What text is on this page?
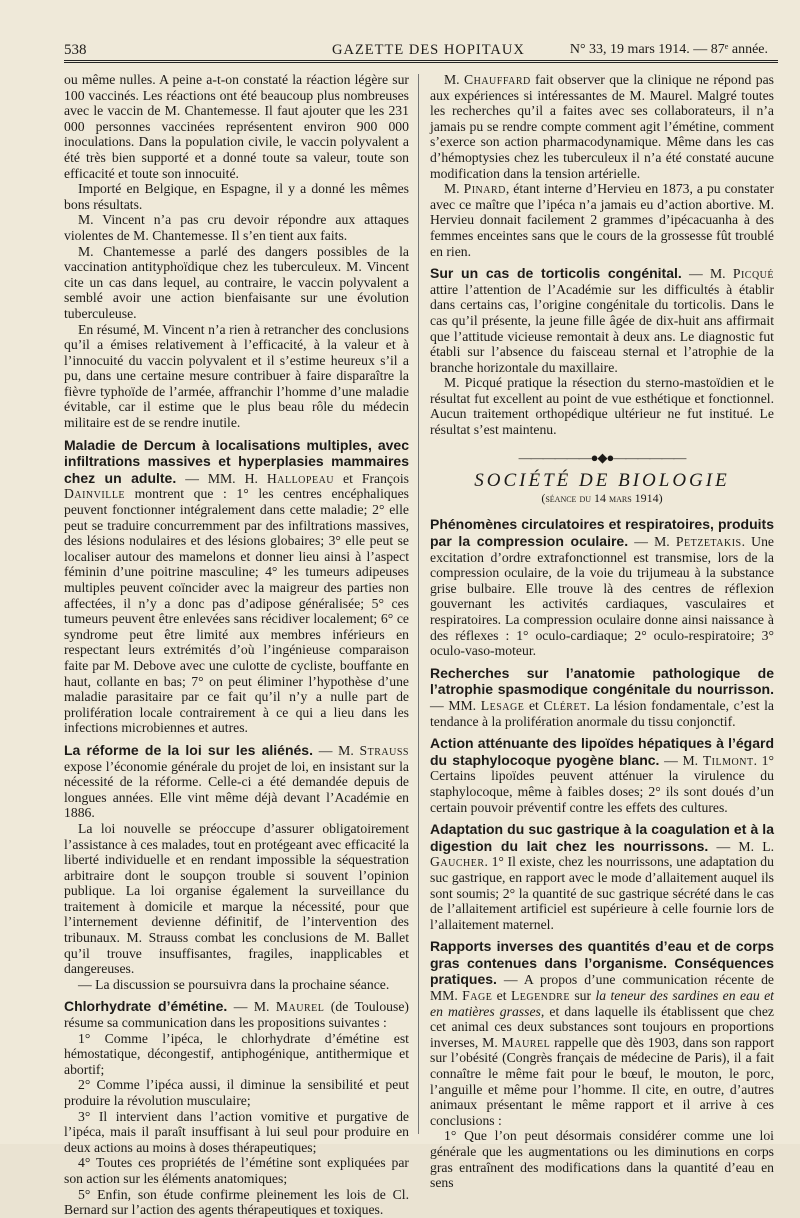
538	GAZETTE DES HOPITAUX	N° 33, 19 mars 1914. — 87ᵉ année.

ou même nulles. A peine a-t-on constaté la réaction légère sur 100 vaccinés. Les réactions ont été beaucoup plus nombreuses avec le vaccin de M. Chantemesse. Il faut ajouter que les 231 000 personnes vaccinées représentent environ 900 000 inoculations. Dans la population civile, le vaccin polyvalent a été très bien supporté et a donné toute sa valeur, toute son efficacité et toute son innocuité.

Importé en Belgique, en Espagne, il y a donné les mêmes bons résultats.

M. Vincent n’a pas cru devoir répondre aux attaques violentes de M. Chantemesse. Il s’en tient aux faits.

M. Chantemesse a parlé des dangers possibles de la vaccination antityphoïdique chez les tuberculeux. M. Vincent cite un cas dans lequel, au contraire, le vaccin polyvalent a semblé avoir une action bienfaisante sur une évolution tuberculeuse.

En résumé, M. Vincent n’a rien à retrancher des conclusions qu’il a émises relativement à l’efficacité, à la valeur et à l’innocuité du vaccin polyvalent et il s’estime heureux s’il a pu, dans une certaine mesure contribuer à faire disparaître la fièvre typhoïde de l’armée, affranchir l’homme d’une maladie évitable, car il estime que le plus beau rôle du médecin militaire est de se rendre inutile.

Maladie de Dercum à localisations multiples, avec infiltrations massives et hyperplasies mammaires chez un adulte. — MM. H. Hallopeau et François Dainville montrent que : 1° les centres encéphaliques peuvent fonctionner intégralement dans cette maladie; 2° elle peut se traduire concurremment par des infiltrations massives, des lésions nodulaires et des lésions globaires; 3° elle peut se localiser autour des mamelons et donner lieu ainsi à l’aspect féminin d’une poitrine masculine; 4° les tumeurs adipeuses multiples peuvent coïncider avec la maigreur des parties non affectées, il n’y a donc pas d’adipose généralisée; 5° ces tumeurs peuvent être enlevées sans récidiver localement; 6° ce syndrome peut être limité aux membres inférieurs en respectant leurs extrémités d’où l’ingénieuse comparaison faite par M. Debove avec une culotte de cycliste, bouffante en haut, collante en bas; 7° on peut éliminer l’hypothèse d’une maladie parasitaire par ce fait qu’il n’y a nulle part de prolifération locale contrairement à ce qui a lieu dans les infections microbiennes et autres.
La réforme de la loi sur les aliénés. — M. Strauss expose l’économie générale du projet de loi, en insistant sur la nécessité de la réforme. Celle-ci a été demandée depuis de longues années. Elle vint même déjà devant l’Académie en 1886.

La loi nouvelle se préoccupe d’assurer obligatoirement l’assistance à ces malades, tout en protégeant avec efficacité la liberté individuelle et en rendant impossible la séquestration arbitraire dont le soupçon trouble si souvent l’opinion publique. La loi organise également la surveillance du traitement à domicile et marque la nécessité, pour que l’internement devienne définitif, de l’intervention des tribunaux. M. Strauss combat les conclusions de M. Ballet qu’il trouve insuffisantes, fragiles, inapplicables et dangereuses.

— La discussion se poursuivra dans la prochaine séance.

Chlorhydrate d’émétine. — M. Maurel (de Toulouse) résume sa communication dans les propositions suivantes :

1° Comme l’ipéca, le chlorhydrate d’émétine est hémostatique, décongestif, antiphogénique, antithermique et abortif;

2° Comme l’ipéca aussi, il diminue la sensibilité et peut produire la révolution musculaire;

3° Il intervient dans l’action vomitive et purgative de l’ipéca, mais il paraît insuffisant à lui seul pour produire en deux actions au moins à doses thérapeutiques;

4° Toutes ces propriétés de l’émétine sont expliquées par son action sur les éléments anatomiques;

5° Enfin, son étude confirme pleinement les lois de Cl. Bernard sur l’action des agents thérapeutiques et toxiques.

M. Chauffard fait observer que la clinique ne répond pas aux expériences si intéressantes de M. Maurel. Malgré toutes les recherches qu’il a faites avec ses collaborateurs, il n’a jamais pu se rendre compte comment agit l’émétine, comment s’exerce son action pharmacodynamique. Même dans les cas d’hémoptysies chez les tuberculeux il n’a été constaté aucune modification dans la tension artérielle.

M. Pinard, étant interne d’Hervieu en 1873, a pu constater avec ce maître que l’ipéca n’a jamais eu d’action abortive. M. Hervieu donnait facilement 2 grammes d’ipécacuanha à des femmes enceintes sans que le cours de la grossesse fût troublé en rien.

Sur un cas de torticolis congénital. — M. Picqué attire l’attention de l’Académie sur les difficultés à établir dans certains cas, l’origine congénitale du torticolis. Dans le cas qu’il présente, la jeune fille âgée de dix-huit ans affirmait que l’attitude vicieuse remontait à deux ans. Le diagnostic fut établi sur l’absence du faisceau sternal et l’atrophie de la branche horizontale du maxillaire.

M. Picqué pratique la résection du sterno-mastoïdien et le résultat fut excellent au point de vue esthétique et fonctionnel. Aucun traitement orthopédique ultérieur ne fut institué. Le résultat s’est maintenu.

——————●◆●——————
SOCIÉTÉ DE BIOLOGIE
(séance du 14 mars 1914)
Phénomènes circulatoires et respiratoires, produits par la compression oculaire. — M. Petzetakis. Une excitation d’ordre extrafonctionnel est transmise, lors de la compression oculaire, de la voie du trijumeau à la substance grise bulbaire. Elle trouve là des centres de réflexion gouvernant les activités cardiaques, vasculaires et respiratoires. La compression oculaire donne ainsi naissance à des réflexes : 1° oculo-cardiaque; 2° oculo-respiratoire; 3° oculo-vaso-moteur.
Recherches sur l’anatomie pathologique de l’atrophie spasmodique congénitale du nourrisson. — MM. Lesage et Cléret. La lésion fondamentale, c’est la tendance à la prolifération anormale du tissu conjonctif.
Action atténuante des lipoïdes hépatiques à l’égard du staphylocoque pyogène blanc. — M. Tilmont. 1° Certains lipoïdes peuvent atténuer la virulence du staphylocoque, même à faibles doses; 2° ils sont doués d’un certain pouvoir préventif contre les effets des cultures.
Adaptation du suc gastrique à la coagulation et à la digestion du lait chez les nourrissons. — M. L. Gaucher. 1° Il existe, chez les nourrissons, une adaptation du suc gastrique, en rapport avec le mode d’allaitement auquel ils sont soumis; 2° la quantité de suc gastrique sécrété dans le cas de l’allaitement artificiel est supérieure à celle fournie lors de l’allaitement maternel.
Rapports inverses des quantités d’eau et de corps gras contenues dans l’organisme. Conséquences pratiques. — A propos d’une communication récente de MM. Fage et Legendre sur la teneur des sardines en eau et en matières grasses, et dans laquelle ils établissent que chez cet animal ces deux substances sont toujours en proportions inverses, M. Maurel rappelle que dès 1903, dans son rapport sur l’obésité (Congrès français de médecine de Paris), il a fait connaître le même fait pour le bœuf, le mouton, le porc, l’anguille et même pour l’homme. Il cite, en outre, d’autres animaux présentant le même rapport et il arrive à ces conclusions :

1° Que l’on peut désormais considérer comme une loi générale que les augmentations ou les diminutions en corps gras entraînent des modifications dans la quantité d’eau en sens
